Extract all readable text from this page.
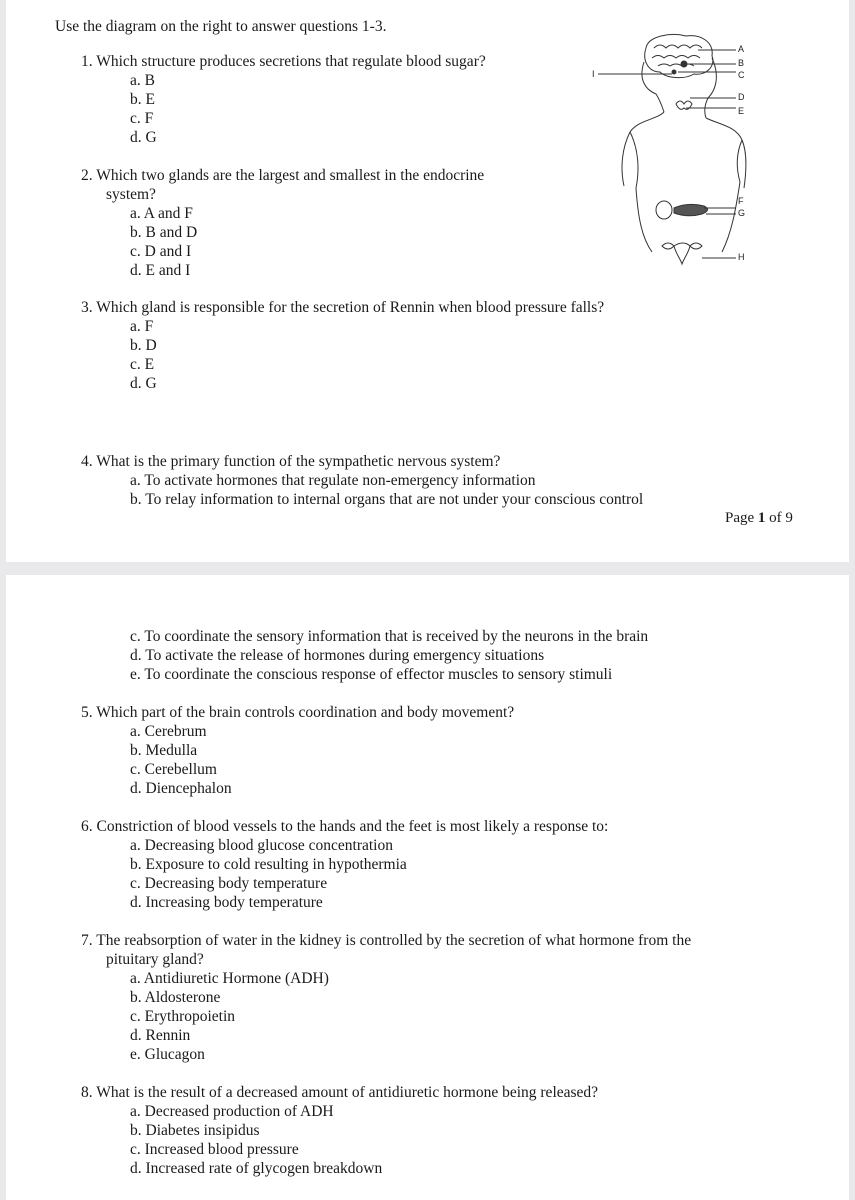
Use the diagram on the right to answer questions 1-3.
1. Which structure produces secretions that regulate blood sugar?
a. B
b. E
c. F
d. G
2. Which two glands are the largest and smallest in the endocrine
system?
a. A and F
b. B and D
c. D and I
d. E and I
3. Which gland is responsible for the secretion of Rennin when blood pressure falls?
a. F
b. D
c. E
d. G
4. What is the primary function of the sympathetic nervous system?
a. To activate hormones that regulate non-emergency information
b. To relay information to internal organs that are not under your conscious control
Page 1 of 9
A
B
C
D
E
F
G
H
I
c. To coordinate the sensory information that is received by the neurons in the brain
d. To activate the release of hormones during emergency situations
e. To coordinate the conscious response of effector muscles to sensory stimuli
5. Which part of the brain controls coordination and body movement?
a. Cerebrum
b. Medulla
c. Cerebellum
d. Diencephalon
6. Constriction of blood vessels to the hands and the feet is most likely a response to:
a. Decreasing blood glucose concentration
b. Exposure to cold resulting in hypothermia
c. Decreasing body temperature
d. Increasing body temperature
7. The reabsorption of water in the kidney is controlled by the secretion of what hormone from the
pituitary gland?
a. Antidiuretic Hormone (ADH)
b. Aldosterone
c. Erythropoietin
d. Rennin
e. Glucagon
8. What is the result of a decreased amount of antidiuretic hormone being released?
a. Decreased production of ADH
b. Diabetes insipidus
c. Increased blood pressure
d. Increased rate of glycogen breakdown
